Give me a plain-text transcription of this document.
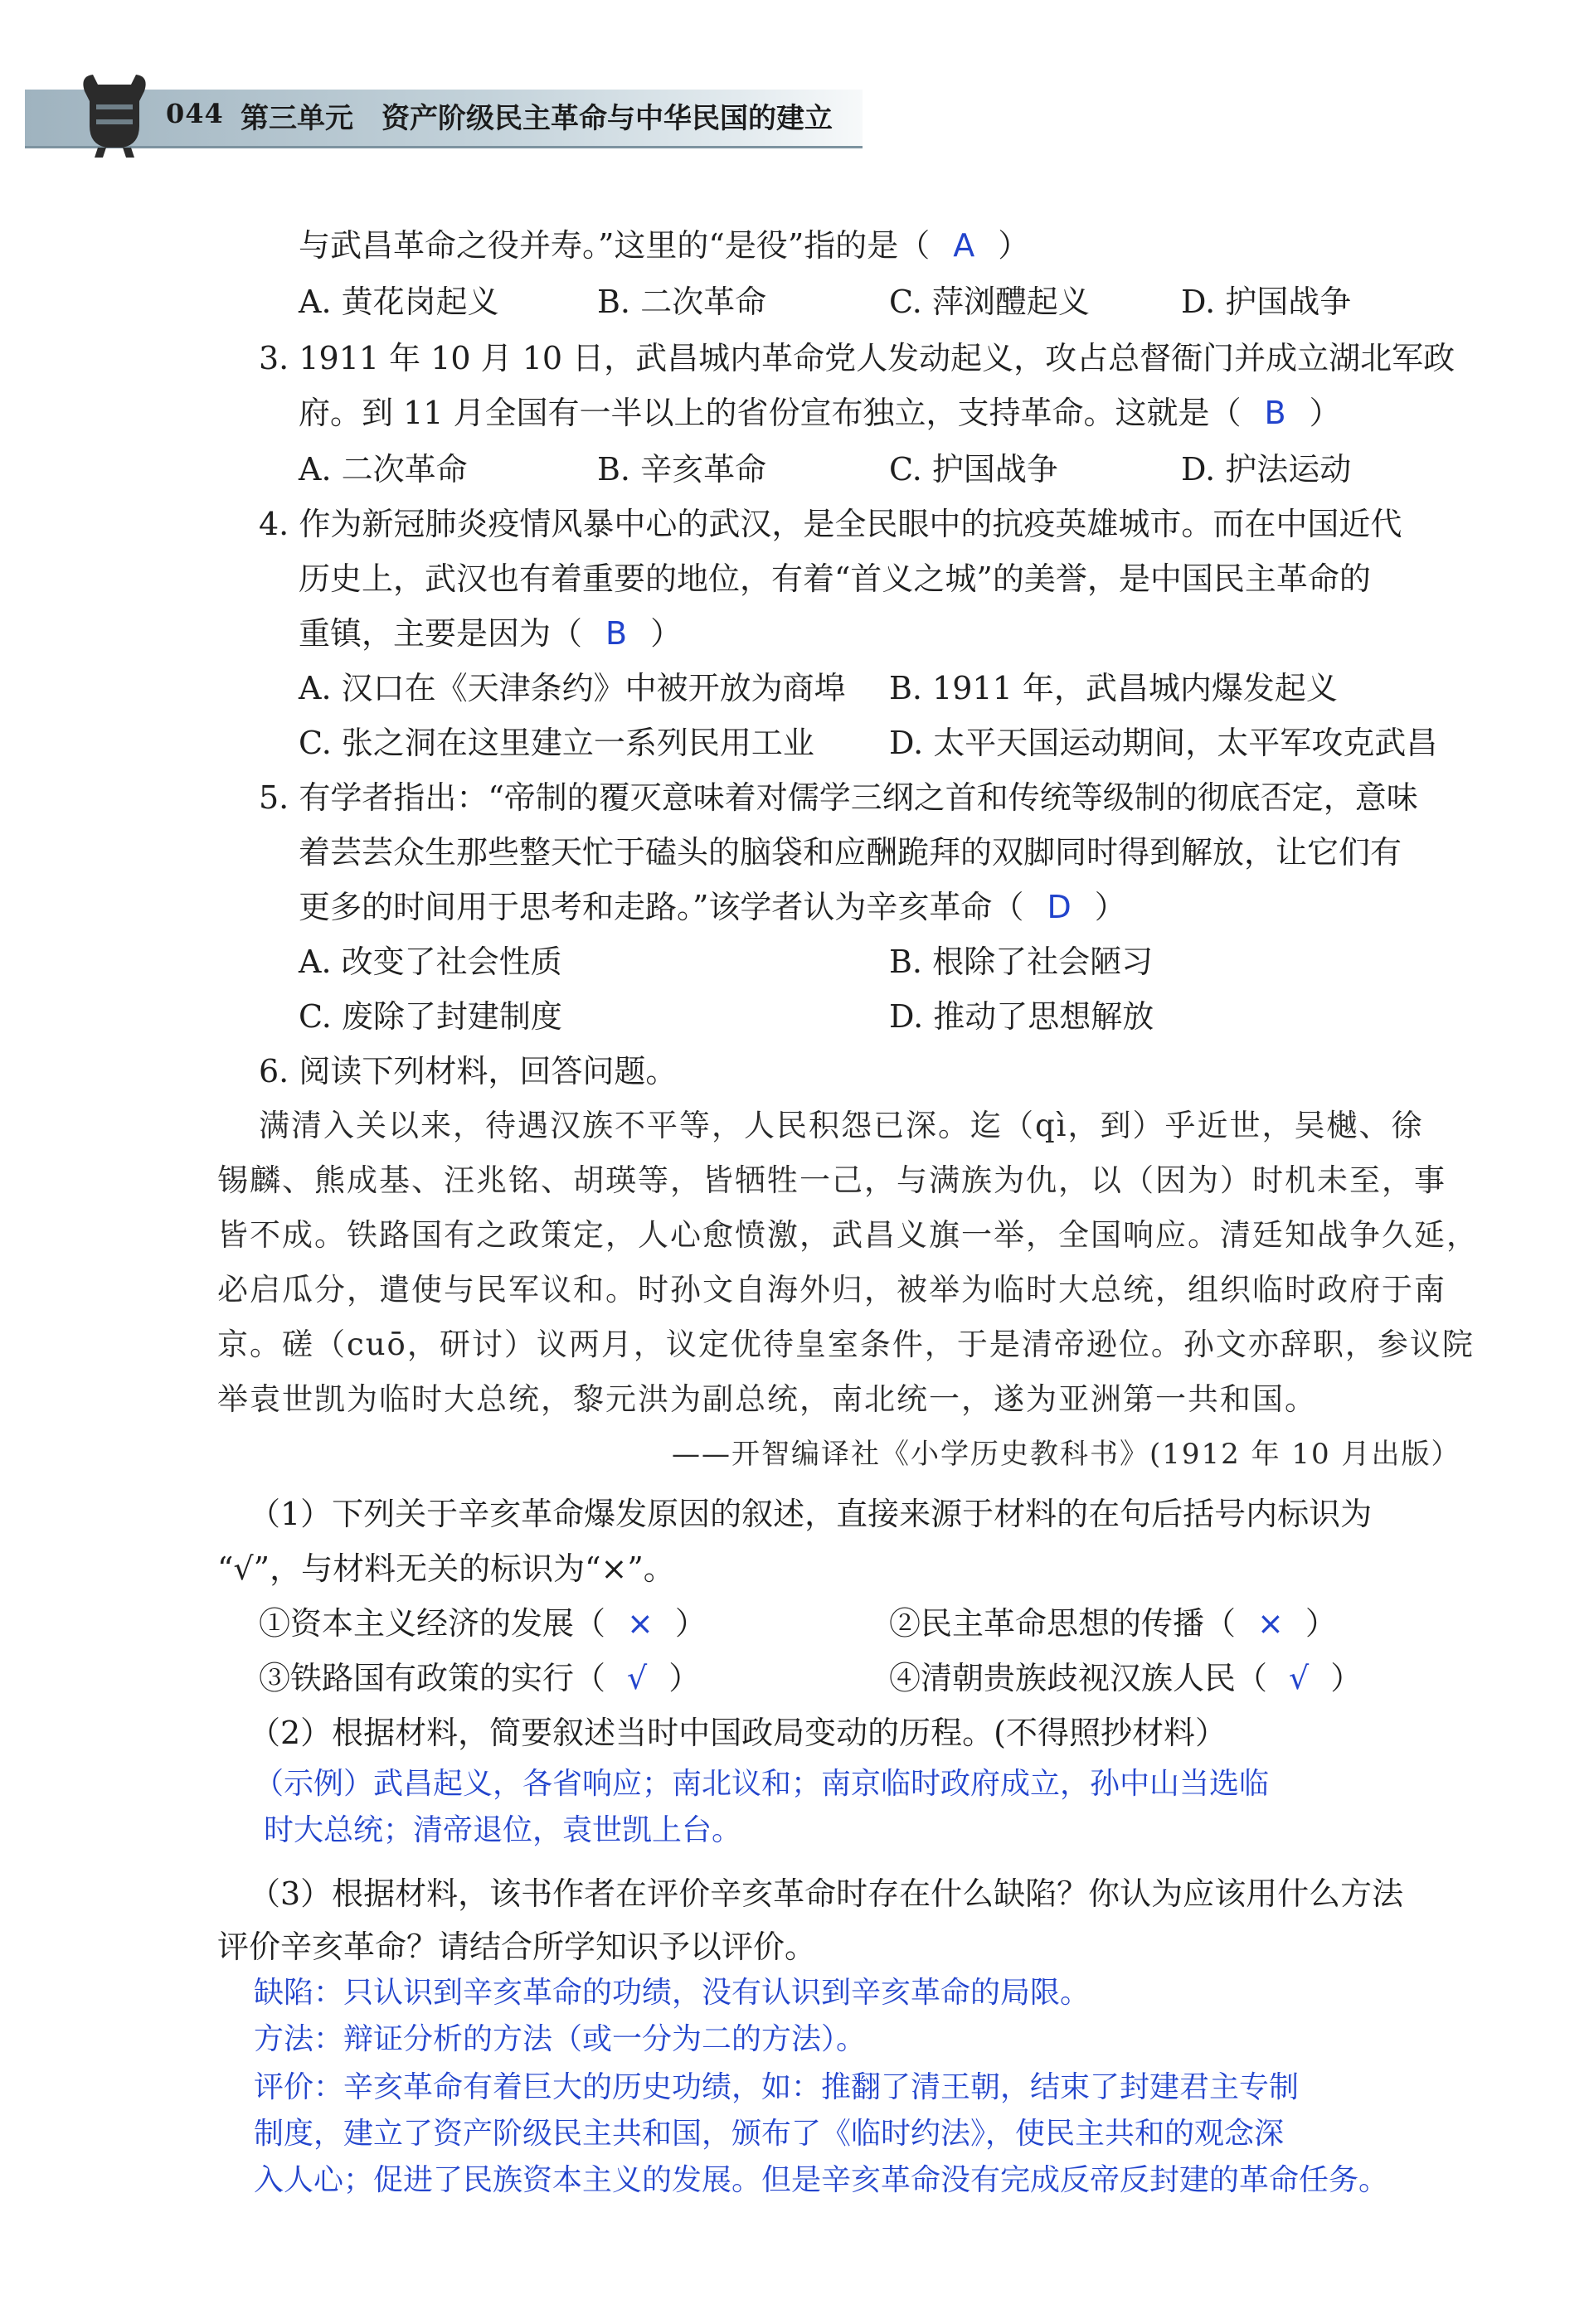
044 第三单元　资产阶级民主革命与中华民国的建立
与武昌革命之役并寿。”这里的“是役”指的是（ A ）
A. 黄花岗起义	B. 二次革命	C. 萍浏醴起义	D. 护国战争
3. 1911 年 10 月 10 日，武昌城内革命党人发动起义，攻占总督衙门并成立湖北军政
府。到 11 月全国有一半以上的省份宣布独立，支持革命。这就是（ B ）
A. 二次革命	B. 辛亥革命	C. 护国战争	D. 护法运动
4. 作为新冠肺炎疫情风暴中心的武汉，是全民眼中的抗疫英雄城市。而在中国近代
历史上，武汉也有着重要的地位，有着“首义之城”的美誉，是中国民主革命的
重镇，主要是因为（ B ）
A. 汉口在《天津条约》中被开放为商埠 B. 1911 年，武昌城内爆发起义
C. 张之洞在这里建立一系列民用工业 D. 太平天国运动期间，太平军攻克武昌
5. 有学者指出：“帝制的覆灭意味着对儒学三纲之首和传统等级制的彻底否定，意味
着芸芸众生那些整天忙于磕头的脑袋和应酬跪拜的双脚同时得到解放，让它们有
更多的时间用于思考和走路。”该学者认为辛亥革命（ D ）
A. 改变了社会性质	B. 根除了社会陋习
C. 废除了封建制度	D. 推动了思想解放
6. 阅读下列材料，回答问题。
满清入关以来，待遇汉族不平等，人民积怨已深。迄（qì，到）乎近世，吴樾、徐
锡麟、熊成基、汪兆铭、胡瑛等，皆牺牲一己，与满族为仇，以（因为）时机未至，事
皆不成。铁路国有之政策定，人心愈愤激，武昌义旗一举，全国响应。清廷知战争久延，
必启瓜分，遣使与民军议和。时孙文自海外归，被举为临时大总统，组织临时政府于南
京。磋（cuō，研讨）议两月，议定优待皇室条件，于是清帝逊位。孙文亦辞职，参议院
举袁世凯为临时大总统，黎元洪为副总统，南北统一，遂为亚洲第一共和国。
——开智编译社《小学历史教科书》(1912 年 10 月出版）
（1）下列关于辛亥革命爆发原因的叙述，直接来源于材料的在句后括号内标识为
“√”，与材料无关的标识为“×”。
①资本主义经济的发展（ × ）	②民主革命思想的传播（ × ）
③铁路国有政策的实行（ √ ）	④清朝贵族歧视汉族人民（ √ ）
（2）根据材料，简要叙述当时中国政局变动的历程。(不得照抄材料）
（示例）武昌起义，各省响应；南北议和；南京临时政府成立，孙中山当选临
时大总统；清帝退位，袁世凯上台。
（3）根据材料，该书作者在评价辛亥革命时存在什么缺陷？你认为应该用什么方法
评价辛亥革命？请结合所学知识予以评价。
缺陷：只认识到辛亥革命的功绩，没有认识到辛亥革命的局限。
方法：辩证分析的方法（或一分为二的方法）。
评价：辛亥革命有着巨大的历史功绩，如：推翻了清王朝，结束了封建君主专制
制度，建立了资产阶级民主共和国，颁布了《临时约法》，使民主共和的观念深
入人心；促进了民族资本主义的发展。但是辛亥革命没有完成反帝反封建的革命任务。
